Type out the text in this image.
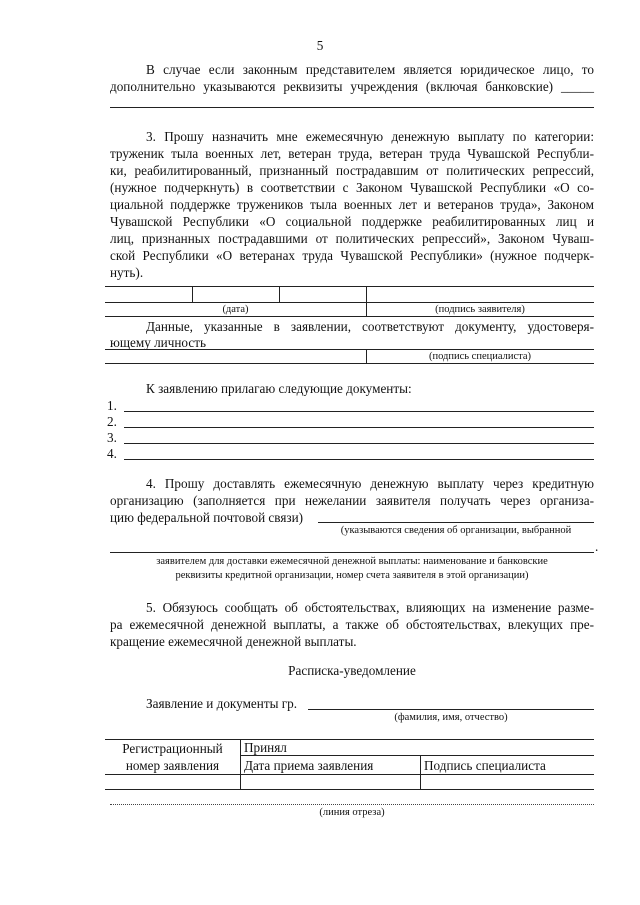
5
В случае если законным представителем является юридическое лицо, то
дополнительно указываются реквизиты учреждения (включая банковские) _____
3. Прошу назначить мне ежемесячную денежную выплату по категории:
труженик тыла военных лет, ветеран труда, ветеран труда Чувашской Республи-
ки, реабилитированный, признанный пострадавшим от политических репрессий,
(нужное подчеркнуть) в соответствии с Законом Чувашской Республики «О со-
циальной поддержке тружеников тыла военных лет и ветеранов труда», Законом
Чувашской Республики «О социальной поддержке реабилитированных лиц и
лиц, признанных пострадавшими от политических репрессий», Законом Чуваш-
ской Республики «О ветеранах труда Чувашской Республики» (нужное подчерк-
нуть).
(дата)	(подпись заявителя)
Данные, указанные в заявлении, соответствуют документу, удостоверя-
ющему личность
(подпись специалиста)
К заявлению прилагаю следующие документы:
1.
2.
3.
4.
4. Прошу доставлять ежемесячную денежную выплату через кредитную
организацию (заполняется при нежелании заявителя получать через организа-
цию федеральной почтовой связи)
(указываются сведения об организации, выбранной
.
заявителем для доставки ежемесячной денежной выплаты: наименование и банковские
реквизиты кредитной организации, номер счета заявителя в этой организации)
5. Обязуюсь сообщать об обстоятельствах, влияющих на изменение разме-
ра ежемесячной денежной выплаты, а также об обстоятельствах, влекущих пре-
кращение ежемесячной денежной выплаты.
Расписка-уведомление
Заявление и документы гр.
(фамилия, имя, отчество)
Регистрационный
номер заявления
Принял
Дата приема заявления	Подпись специалиста
(линия отреза)
